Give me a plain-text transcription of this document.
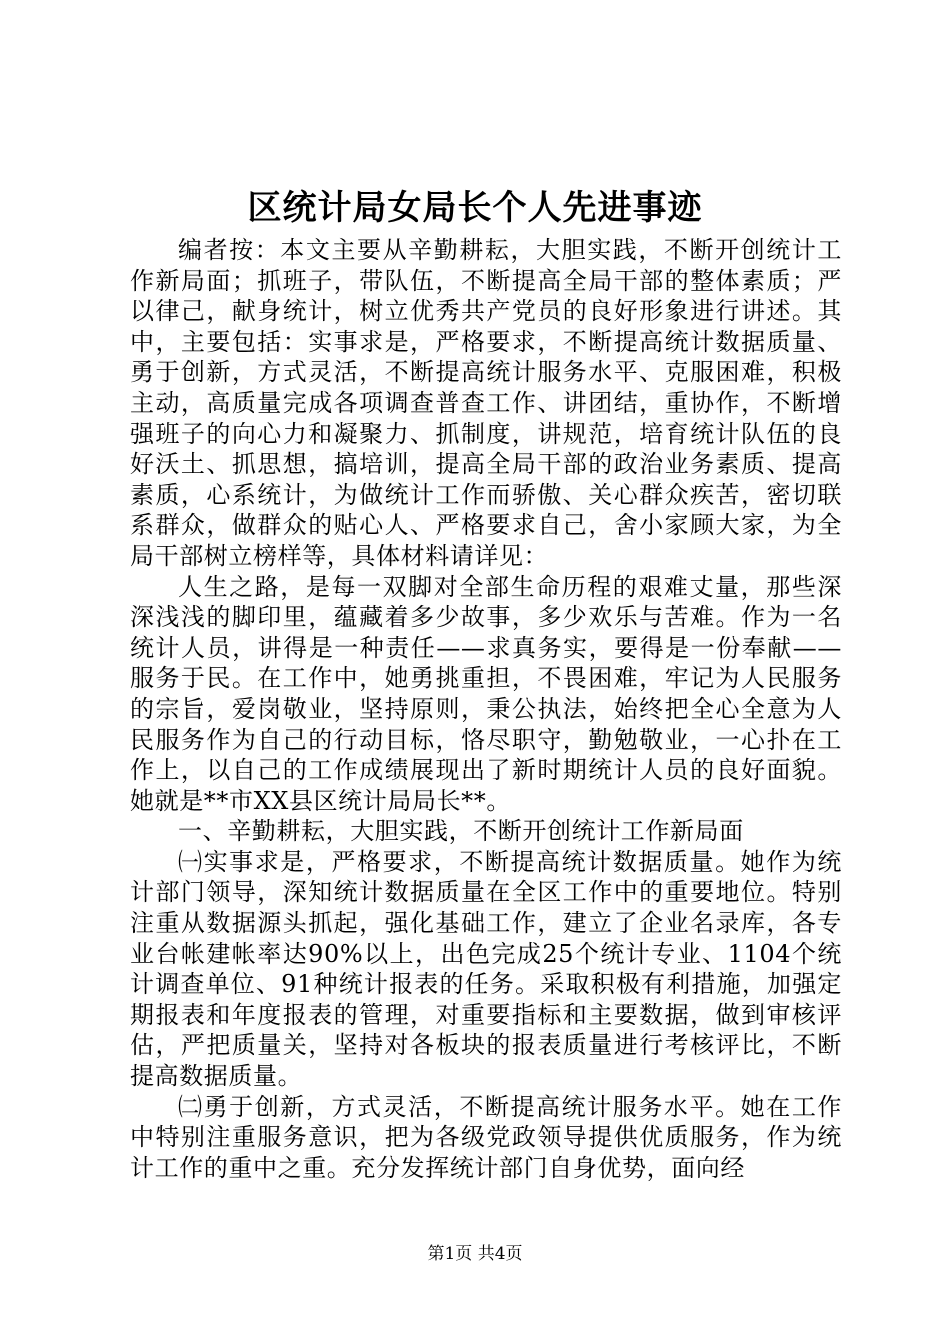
区统计局女局长个人先进事迹

编者按：本文主要从辛勤耕耘，大胆实践，不断开创统计工作新局面；抓班子，带队伍，不断提高全局干部的整体素质；严以律己，献身统计，树立优秀共产党员的良好形象进行讲述。其中，主要包括：实事求是，严格要求，不断提高统计数据质量、勇于创新，方式灵活，不断提高统计服务水平、克服困难，积极主动，高质量完成各项调查普查工作、讲团结，重协作，不断增强班子的向心力和凝聚力、抓制度，讲规范，培育统计队伍的良好沃土、抓思想，搞培训，提高全局干部的政治业务素质、提高素质，心系统计，为做统计工作而骄傲、关心群众疾苦，密切联系群众，做群众的贴心人、严格要求自己，舍小家顾大家，为全局干部树立榜样等，具体材料请详见：

人生之路，是每一双脚对全部生命历程的艰难丈量，那些深深浅浅的脚印里，蕴藏着多少故事，多少欢乐与苦难。作为一名统计人员，讲得是一种责任——求真务实，要得是一份奉献——服务于民。在工作中，她勇挑重担，不畏困难，牢记为人民服务的宗旨，爱岗敬业，坚持原则，秉公执法，始终把全心全意为人民服务作为自己的行动目标，恪尽职守，勤勉敬业，一心扑在工作上，以自己的工作成绩展现出了新时期统计人员的良好面貌。她就是**市XX县区统计局局长**。

一、辛勤耕耘，大胆实践，不断开创统计工作新局面

㈠实事求是，严格要求，不断提高统计数据质量。她作为统计部门领导，深知统计数据质量在全区工作中的重要地位。特别注重从数据源头抓起，强化基础工作，建立了企业名录库，各专业台帐建帐率达90%以上，出色完成25个统计专业、1104个统计调查单位、91种统计报表的任务。采取积极有利措施，加强定期报表和年度报表的管理，对重要指标和主要数据，做到审核评估，严把质量关，坚持对各板块的报表质量进行考核评比，不断提高数据质量。

㈡勇于创新，方式灵活，不断提高统计服务水平。她在工作中特别注重服务意识，把为各级党政领导提供优质服务，作为统计工作的重中之重。充分发挥统计部门自身优势，面向经

第1页 共4页
